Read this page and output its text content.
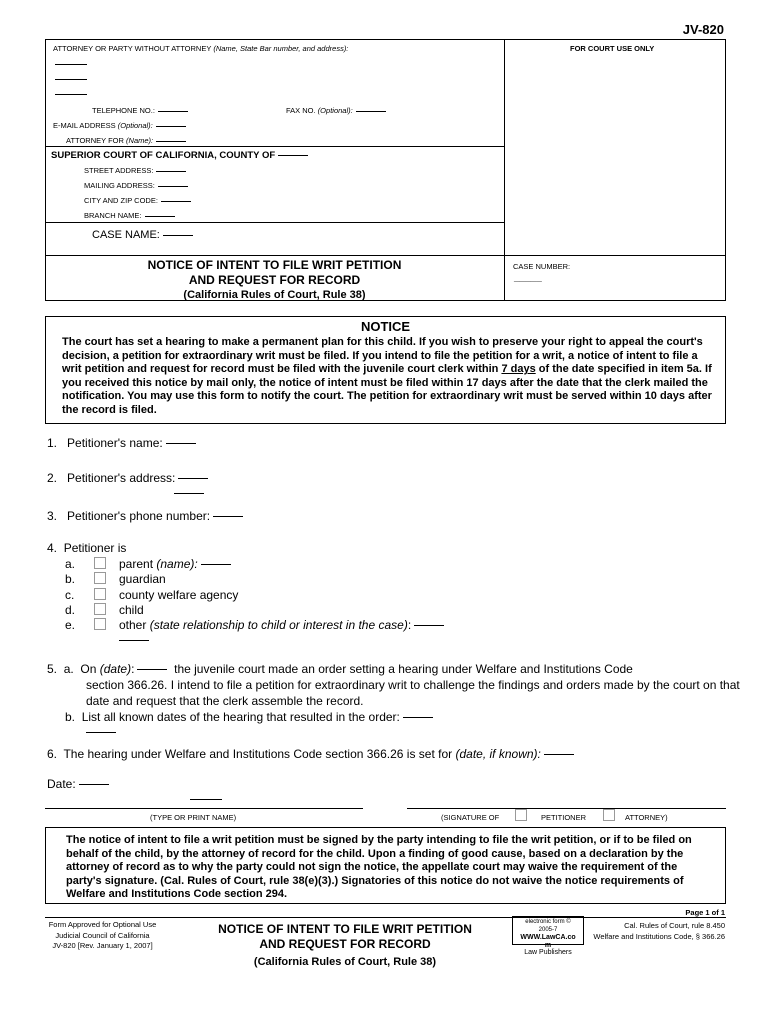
JV-820
ATTORNEY OR PARTY WITHOUT ATTORNEY (Name, State Bar number, and address):	FOR COURT USE ONLY
TELEPHONE NO.:	FAX NO. (Optional):
E-MAIL ADDRESS (Optional):
ATTORNEY FOR (Name):
SUPERIOR COURT OF CALIFORNIA, COUNTY OF
STREET ADDRESS:
MAILING ADDRESS:
CITY AND ZIP CODE:
BRANCH NAME:
CASE NAME:
NOTICE OF INTENT TO FILE WRIT PETITION
AND REQUEST FOR RECORD
(California Rules of Court, Rule 38)
CASE NUMBER:
_____
NOTICE
The court has set a hearing to make a permanent plan for this child. If you wish to preserve your right to appeal the court's decision, a petition for extraordinary writ must be filed. If you intend to file the petition for a writ, a notice of intent to file a writ petition and request for record must be filed with the juvenile court clerk within 7 days of the date specified in item 5a. If you received this notice by mail only, the notice of intent must be filed within 17 days after the date that the clerk mailed the notification. You may use this form to notify the court. The petition for extraordinary writ must be served within 10 days after the record is filed.
1. Petitioner's name:
2. Petitioner's address:
3. Petitioner's phone number:
4. Petitioner is
a.	parent (name):
b.	guardian
c.	county welfare agency
d.	child
e.	other (state relationship to child or interest in the case):
5. a. On (date):	the juvenile court made an order setting a hearing under Welfare and Institutions Code
section 366.26. I intend to file a petition for extraordinary writ to challenge the findings and orders made by the court on that
date and request that the clerk assemble the record.
b. List all known dates of the hearing that resulted in the order:
6. The hearing under Welfare and Institutions Code section 366.26 is set for (date, if known):
Date:
(TYPE OR PRINT NAME)	(SIGNATURE OF	PETITIONER	ATTORNEY)
The notice of intent to file a writ petition must be signed by the party intending to file the writ petition, or if to be filed on behalf of the child, by the attorney of record for the child. Upon a finding of good cause, based on a declaration by the attorney of record as to why the party could not sign the notice, the appellate court may waive the requirement of the party's signature. (Cal. Rules of Court, rule 38(e)(3).) Signatories of this notice do not waive the notice requirements of Welfare and Institutions Code section 294.
Page 1 of 1
Form Approved for Optional Use
Judicial Council of California
JV-820 [Rev. January 1, 2007]
NOTICE OF INTENT TO FILE WRIT PETITION
AND REQUEST FOR RECORD
(California Rules of Court, Rule 38)
electronic form ©
2005-7
WWW.LawCA.co
m
Law Publishers
Cal. Rules of Court, rule 8.450
Welfare and Institutions Code, § 366.26
